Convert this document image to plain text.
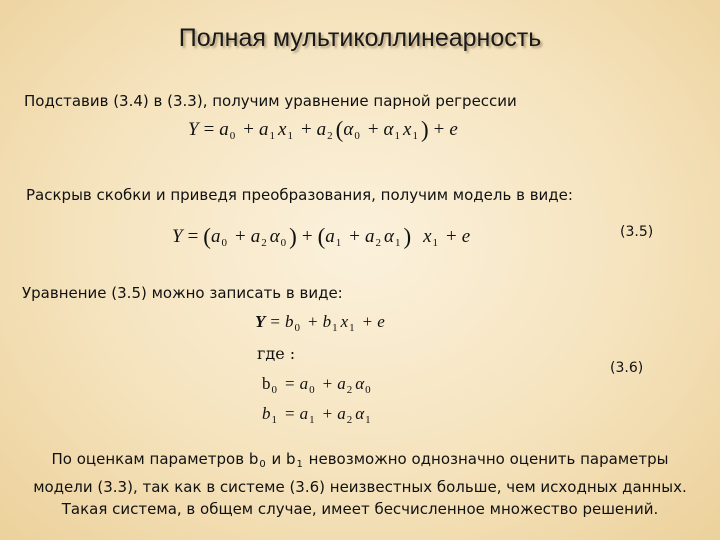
Полная мультиколлинеарность
Подставив (3.4) в (3.3), получим уравнение парной регрессии
$Y = a_0 + a_1$ $x_1 + a_2$ ($\alpha_0 + \alpha_1$ $x_1$ ) + e
Раскрыв скобки и приведя преобразования, получим модель в виде:
$Y = (a_0 + a_2$ $\alpha_0$ ) + ($a_1 + a_2$ $\alpha_1$ ) $x_1 + e$	(3.5)
Уравнение (3.5) можно записать в виде:
$Y = b_0 + b_1$ $x_1 + e$
где :
$b_0 = a_0 + a_2$ $\alpha_0$
$b_1 = a_1 + a_2$ $\alpha_1$
(3.6)
По оценкам параметров $b_0$ и $b_1$ невозможно однозначно оценить параметры модели (3.3), так как в системе (3.6) неизвестных больше, чем исходных данных. Такая система, в общем случае, имеет бесчисленное множество решений.
